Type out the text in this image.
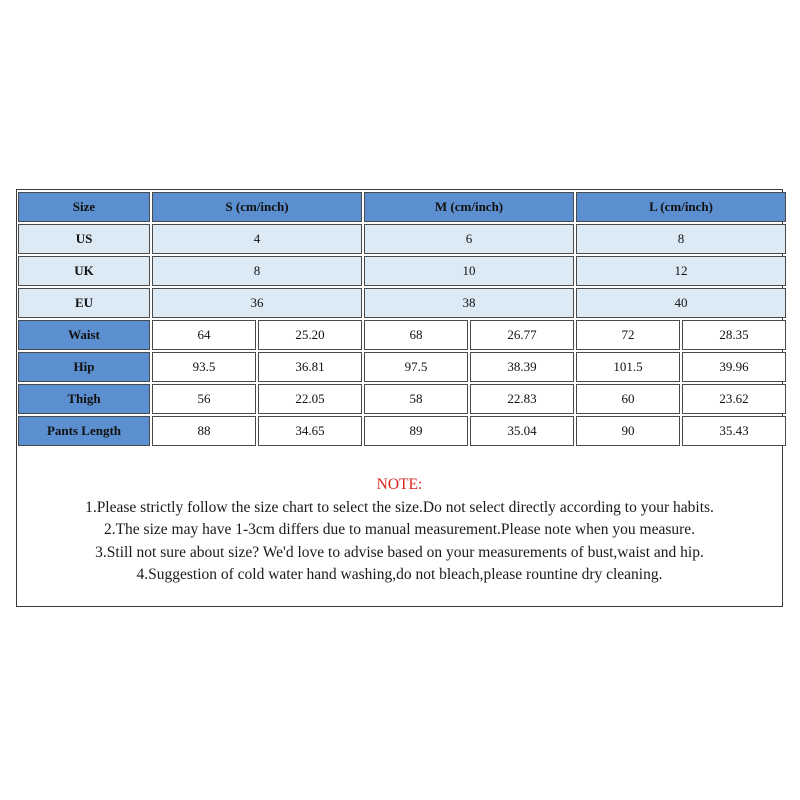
Size	S (cm/inch)		M (cm/inch)		L (cm/inch)	
US	4		6		8	
UK	8		10		12	
EU	36		38		40	
Waist	64	25.20	68	26.77	72	28.35
Hip	93.5	36.81	97.5	38.39	101.5	39.96
Thigh	56	22.05	58	22.83	60	23.62
Pants Length	88	34.65	89	35.04	90	35.43
NOTE:
1.Please strictly follow the size chart to select the size.Do not select directly according to your habits.
2.The size may have 1-3cm differs due to manual measurement.Please note when you measure.
3.Still not sure about size? We'd love to advise based on your measurements of bust,waist and hip.
4.Suggestion of cold water hand washing,do not bleach,please rountine dry cleaning.
